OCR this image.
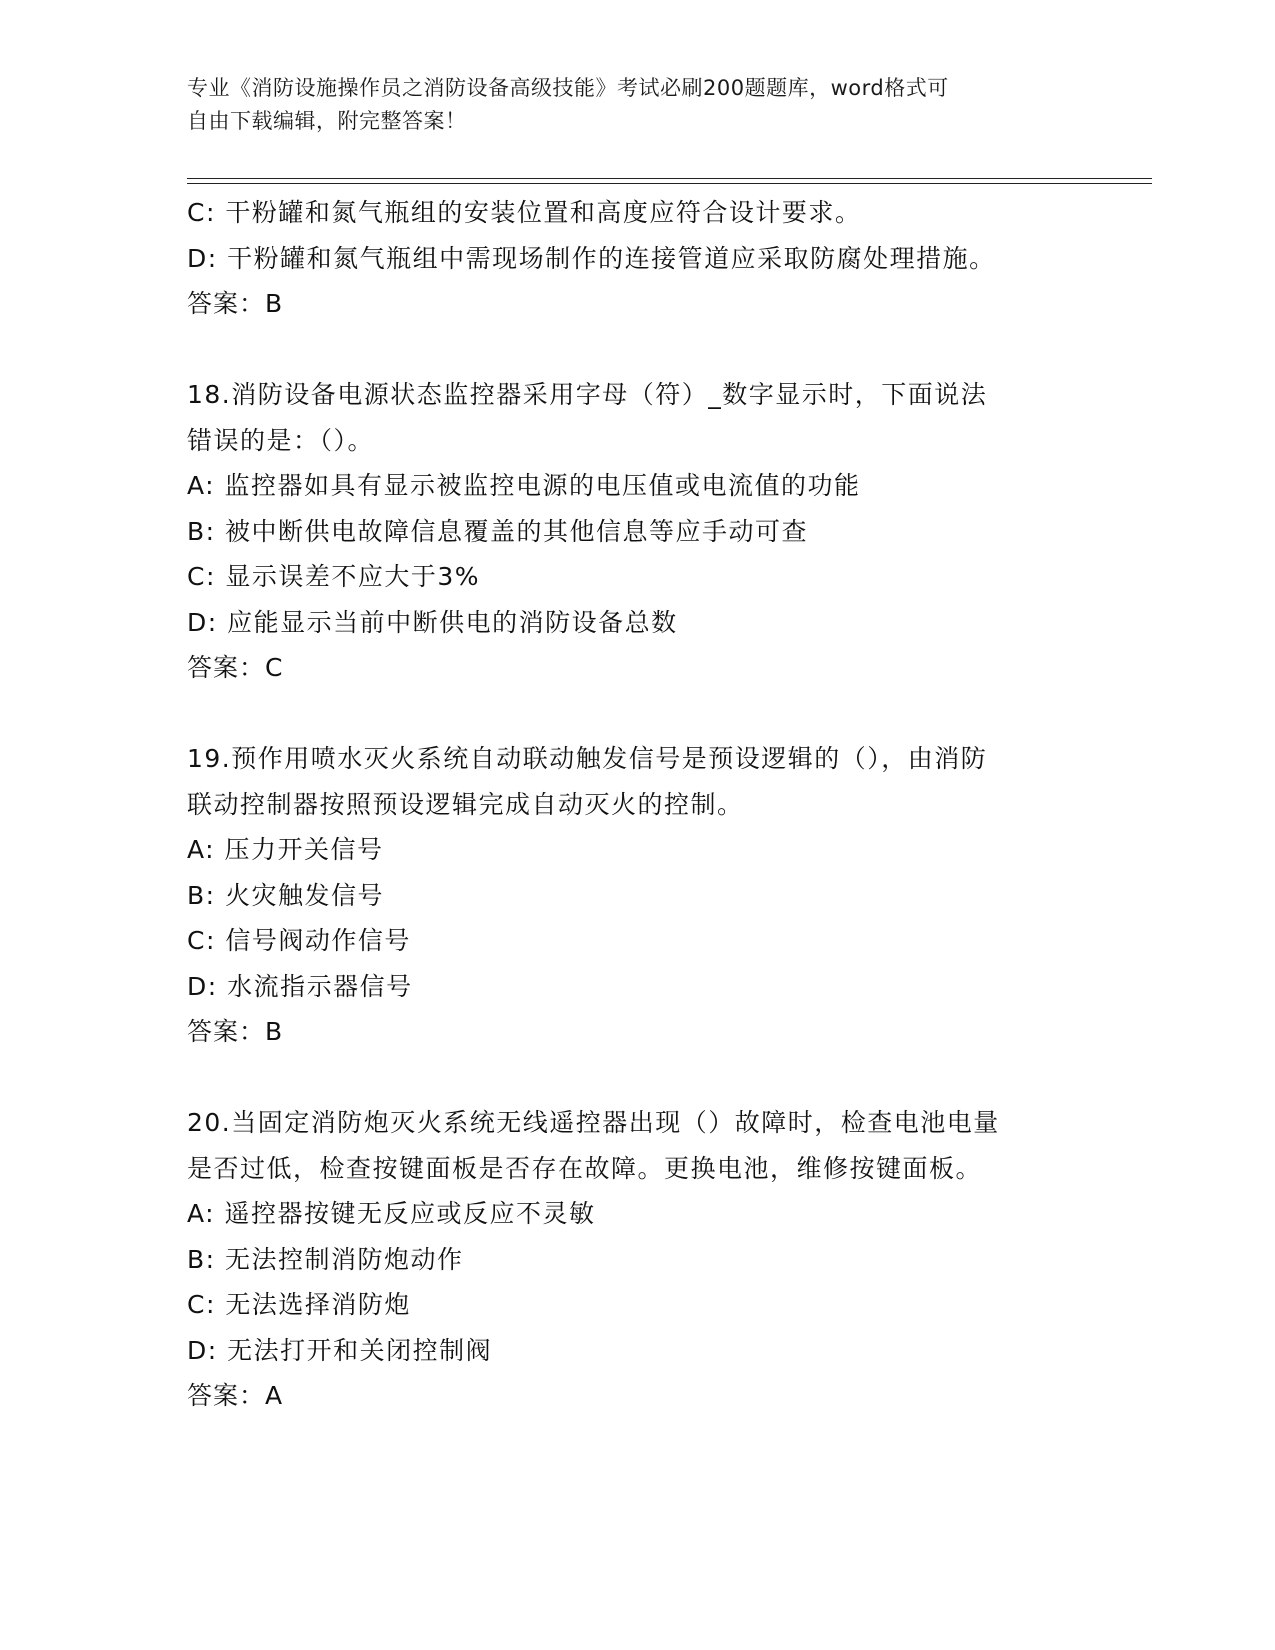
专业《消防设施操作员之消防设备高级技能》考试必刷200题题库，word格式可
自由下载编辑，附完整答案！
C: 干粉罐和氮气瓶组的安装位置和高度应符合设计要求。
D: 干粉罐和氮气瓶组中需现场制作的连接管道应采取防腐处理措施。
答案：B
18.消防设备电源状态监控器采用字母（符）_数字显示时，下面说法
错误的是：（）。
A: 监控器如具有显示被监控电源的电压值或电流值的功能
B: 被中断供电故障信息覆盖的其他信息等应手动可查
C: 显示误差不应大于3%
D: 应能显示当前中断供电的消防设备总数
答案：C
19.预作用喷水灭火系统自动联动触发信号是预设逻辑的（），由消防
联动控制器按照预设逻辑完成自动灭火的控制。
A: 压力开关信号
B: 火灾触发信号
C: 信号阀动作信号
D: 水流指示器信号
答案：B
20.当固定消防炮灭火系统无线遥控器出现（）故障时，检查电池电量
是否过低，检查按键面板是否存在故障。更换电池，维修按键面板。
A: 遥控器按键无反应或反应不灵敏
B: 无法控制消防炮动作
C: 无法选择消防炮
D: 无法打开和关闭控制阀
答案：A
